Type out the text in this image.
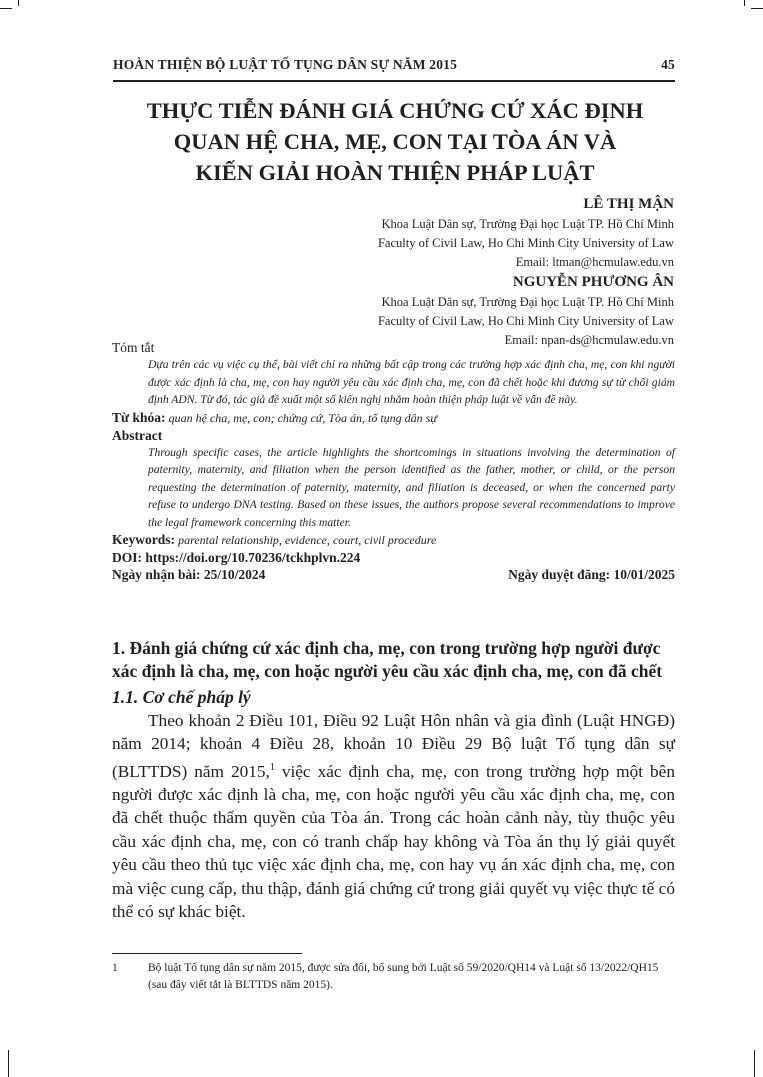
HOÀN THIỆN BỘ LUẬT TỐ TỤNG DÂN SỰ NĂM 2015	45
THỰC TIỄN ĐÁNH GIÁ CHỨNG CỨ XÁC ĐỊNH
QUAN HỆ CHA, MẸ, CON TẠI TÒA ÁN VÀ
KIẾN GIẢI HOÀN THIỆN PHÁP LUẬT
LÊ THỊ MẬN
Khoa Luật Dân sự, Trường Đại học Luật TP. Hồ Chí Minh
Faculty of Civil Law, Ho Chi Minh City University of Law
Email: ltman@hcmulaw.edu.vn
NGUYỄN PHƯƠNG ÂN
Khoa Luật Dân sự, Trường Đại học Luật TP. Hồ Chí Minh
Faculty of Civil Law, Ho Chi Minh City University of Law
Email: npan-ds@hcmulaw.edu.vn
Tóm tắt

Dựa trên các vụ việc cụ thể, bài viết chỉ ra những bất cập trong các trường hợp xác định cha, mẹ, con khi người được xác định là cha, mẹ, con hay người yêu cầu xác định cha, mẹ, con đã chết hoặc khi đương sự từ chối giám định ADN. Từ đó, tác giả đề xuất một số kiến nghị nhằm hoàn thiện pháp luật về vấn đề này.

Từ khóa: quan hệ cha, mẹ, con; chứng cứ, Tòa án, tố tụng dân sự
Abstract

Through specific cases, the article highlights the shortcomings in situations involving the determination of paternity, maternity, and filiation when the person identified as the father, mother, or child, or the person requesting the determination of paternity, maternity, and filiation is deceased, or when the concerned party refuse to undergo DNA testing. Based on these issues, the authors propose several recommendations to improve the legal framework concerning this matter.

Keywords: parental relationship, evidence, court, civil procedure
DOI: https://doi.org/10.70236/tckhplvn.224
Ngày nhận bài: 25/10/2024	Ngày duyệt đăng: 10/01/2025

1. Đánh giá chứng cứ xác định cha, mẹ, con trong trường hợp người được xác định là cha, mẹ, con hoặc người yêu cầu xác định cha, mẹ, con đã chết

1.1. Cơ chế pháp lý

Theo khoản 2 Điều 101, Điều 92 Luật Hôn nhân và gia đình (Luật HNGĐ) năm 2014; khoản 4 Điều 28, khoản 10 Điều 29 Bộ luật Tố tụng dân sự (BLTTDS) năm 2015,$^1$ việc xác định cha, mẹ, con trong trường hợp một bên người được xác định là cha, mẹ, con hoặc người yêu cầu xác định cha, mẹ, con đã chết thuộc thẩm quyền của Tòa án. Trong các hoàn cảnh này, tùy thuộc yêu cầu xác định cha, mẹ, con có tranh chấp hay không và Tòa án thụ lý giải quyết yêu cầu theo thủ tục việc xác định cha, mẹ, con hay vụ án xác định cha, mẹ, con mà việc cung cấp, thu thập, đánh giá chứng cứ trong giải quyết vụ việc thực tế có thể có sự khác biệt.

1	Bộ luật Tố tụng dân sự năm 2015, được sửa đổi, bổ sung bởi Luật số 59/2020/QH14 và Luật số 13/2022/QH15 (sau đây viết tắt là BLTTDS năm 2015).
